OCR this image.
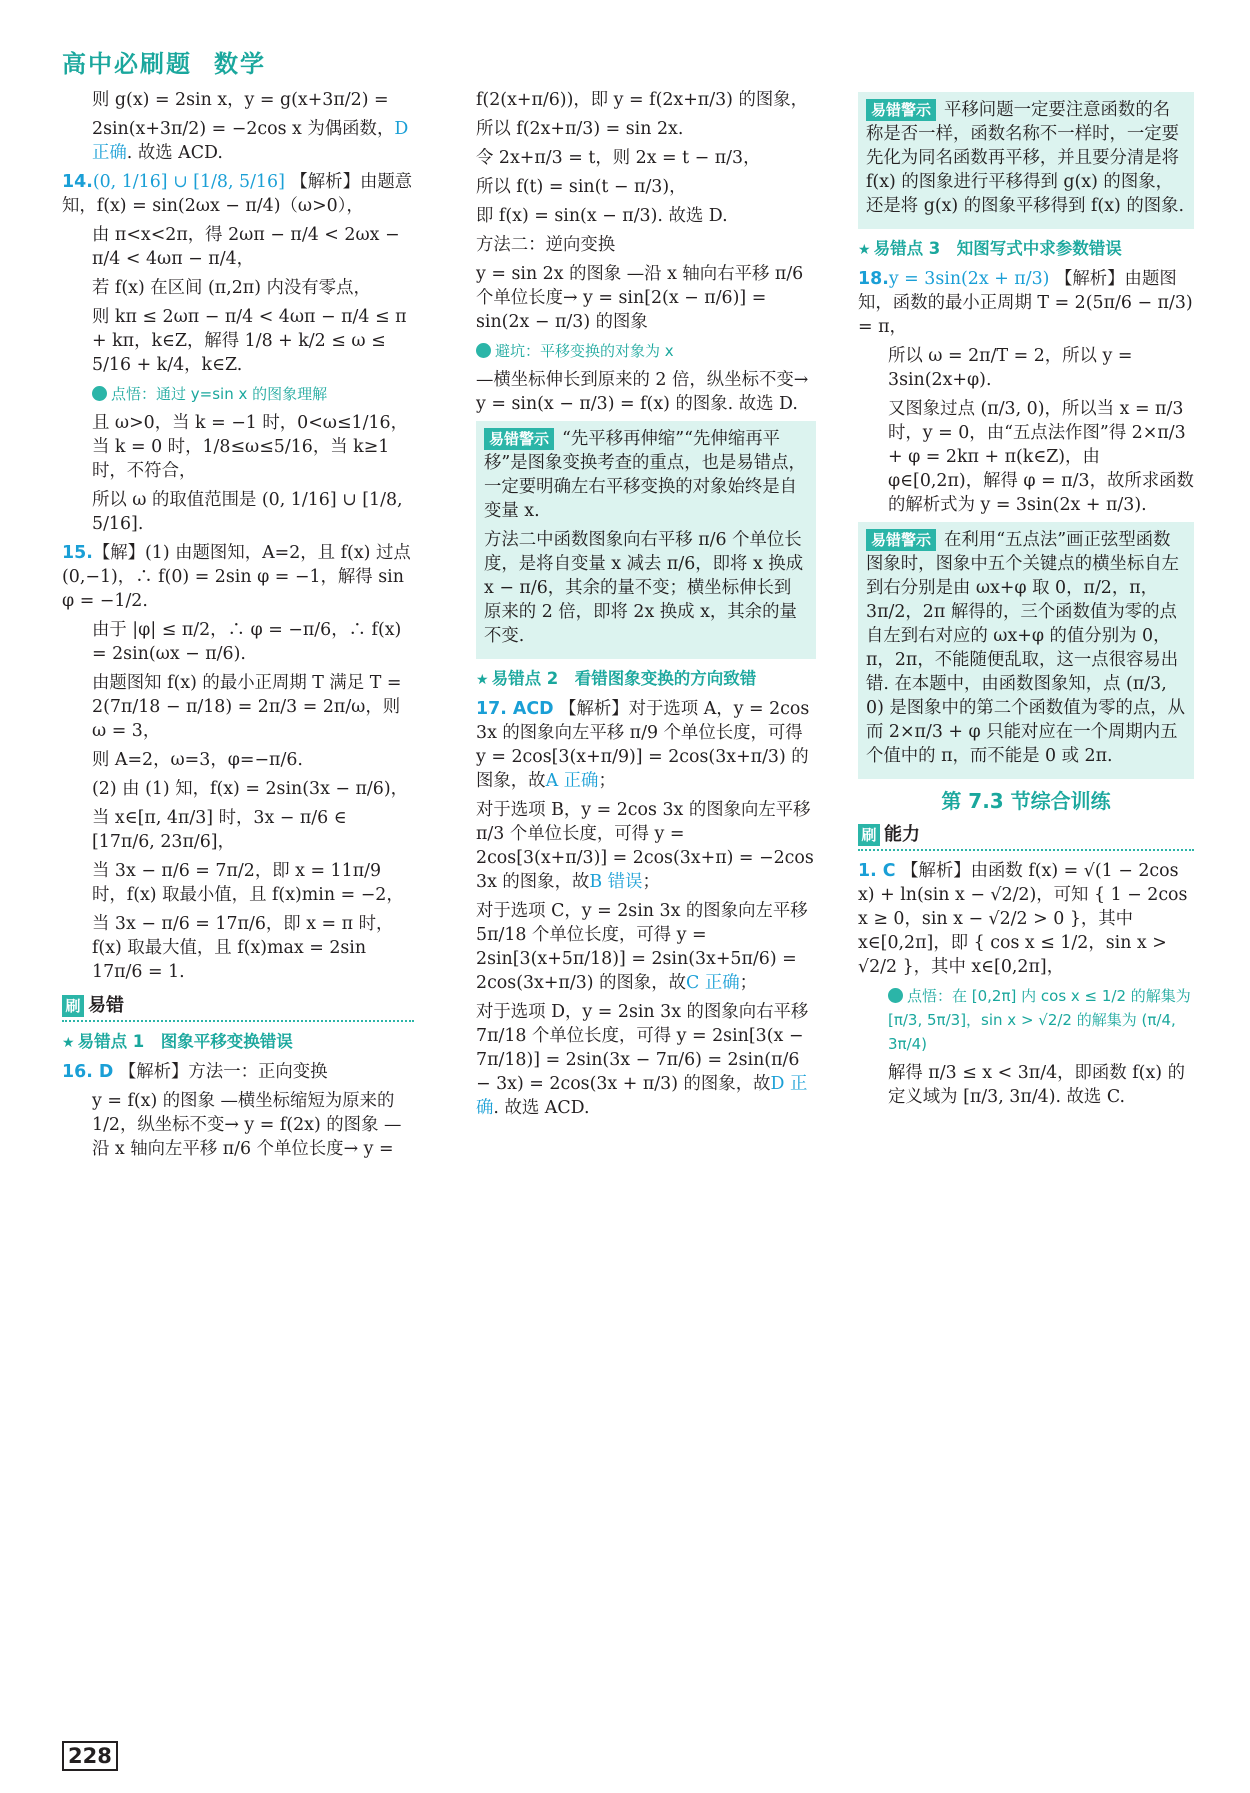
高中必刷题 数学

则 g(x) = 2sin x，y = g(x+3π/2) =

2sin(x+3π/2) = −2cos x 为偶函数，D 正确. 故选 ACD.

14.(0, 1/16] ∪ [1/8, 5/16] 【解析】由题意知，f(x) = sin(2ωx − π/4)（ω>0），

由 π<x<2π，得 2ωπ − π/4 < 2ωx − π/4 < 4ωπ − π/4，

若 f(x) 在区间 (π,2π) 内没有零点，

则 kπ ≤ 2ωπ − π/4 < 4ωπ − π/4 ≤ π + kπ，k∈Z，解得 1/8 + k/2 ≤ ω ≤ 5/16 + k/4，k∈Z.

点悟：通过 y=sin x 的图象理解

且 ω>0，当 k = −1 时，0<ω≤1/16，当 k = 0 时，1/8≤ω≤5/16，当 k≥1 时，不符合，

所以 ω 的取值范围是 (0, 1/16] ∪ [1/8, 5/16].

15.【解】(1) 由题图知，A=2，且 f(x) 过点 (0,−1)，∴ f(0) = 2sin φ = −1，解得 sin φ = −1/2.

由于 |φ| ≤ π/2，∴ φ = −π/6，∴ f(x) = 2sin(ωx − π/6).

由题图知 f(x) 的最小正周期 T 满足 T = 2(7π/18 − π/18) = 2π/3 = 2π/ω，则 ω = 3，

则 A=2，ω=3，φ=−π/6.

(2) 由 (1) 知，f(x) = 2sin(3x − π/6)，

当 x∈[π, 4π/3] 时，3x − π/6 ∈ [17π/6, 23π/6]，

当 3x − π/6 = 7π/2，即 x = 11π/9 时，f(x) 取最小值，且 f(x)min = −2，

当 3x − π/6 = 17π/6，即 x = π 时，f(x) 取最大值，且 f(x)max = 2sin 17π/6 = 1.

刷 易错

★ 易错点 1　图象平移变换错误

16. D 【解析】方法一：正向变换

y = f(x) 的图象 —横坐标缩短为原来的 1/2，纵坐标不变→ y = f(2x) 的图象 —沿 x 轴向左平移 π/6 个单位长度→ y =

f(2(x+π/6))，即 y = f(2x+π/3) 的图象，

所以 f(2x+π/3) = sin 2x.

令 2x+π/3 = t，则 2x = t − π/3，

所以 f(t) = sin(t − π/3)，

即 f(x) = sin(x − π/3). 故选 D.

方法二：逆向变换

y = sin 2x 的图象 —沿 x 轴向右平移 π/6 个单位长度→ y = sin[2(x − π/6)] = sin(2x − π/3) 的图象

避坑：平移变换的对象为 x

—横坐标伸长到原来的 2 倍，纵坐标不变→ y = sin(x − π/3) = f(x) 的图象. 故选 D.

易错警示 “先平移再伸缩”“先伸缩再平移”是图象变换考查的重点，也是易错点，一定要明确左右平移变换的对象始终是自变量 x.

方法二中函数图象向右平移 π/6 个单位长度，是将自变量 x 减去 π/6，即将 x 换成 x − π/6，其余的量不变；横坐标伸长到原来的 2 倍，即将 2x 换成 x，其余的量不变.

★ 易错点 2　看错图象变换的方向致错

17. ACD 【解析】对于选项 A，y = 2cos 3x 的图象向左平移 π/9 个单位长度，可得 y = 2cos[3(x+π/9)] = 2cos(3x+π/3) 的图象，故A 正确；

对于选项 B，y = 2cos 3x 的图象向左平移 π/3 个单位长度，可得 y = 2cos[3(x+π/3)] = 2cos(3x+π) = −2cos 3x 的图象，故B 错误；

对于选项 C，y = 2sin 3x 的图象向左平移 5π/18 个单位长度，可得 y = 2sin[3(x+5π/18)] = 2sin(3x+5π/6) = 2cos(3x+π/3) 的图象，故C 正确；

对于选项 D，y = 2sin 3x 的图象向右平移 7π/18 个单位长度，可得 y = 2sin[3(x − 7π/18)] = 2sin(3x − 7π/6) = 2sin(π/6 − 3x) = 2cos(3x + π/3) 的图象，故D 正确. 故选 ACD.

易错警示 平移问题一定要注意函数的名称是否一样，函数名称不一样时，一定要先化为同名函数再平移，并且要分清是将 f(x) 的图象进行平移得到 g(x) 的图象，还是将 g(x) 的图象平移得到 f(x) 的图象.

★ 易错点 3　知图写式中求参数错误

18.y = 3sin(2x + π/3) 【解析】由题图知，函数的最小正周期 T = 2(5π/6 − π/3) = π，

所以 ω = 2π/T = 2，所以 y = 3sin(2x+φ).

又图象过点 (π/3, 0)，所以当 x = π/3 时，y = 0，由“五点法作图”得 2×π/3 + φ = 2kπ + π(k∈Z)，由 φ∈[0,2π)，解得 φ = π/3，故所求函数的解析式为 y = 3sin(2x + π/3).

易错警示 在利用“五点法”画正弦型函数图象时，图象中五个关键点的横坐标自左到右分别是由 ωx+φ 取 0，π/2，π，3π/2，2π 解得的，三个函数值为零的点自左到右对应的 ωx+φ 的值分别为 0，π，2π，不能随便乱取，这一点很容易出错. 在本题中，由函数图象知，点 (π/3, 0) 是图象中的第二个函数值为零的点，从而 2×π/3 + φ 只能对应在一个周期内五个值中的 π，而不能是 0 或 2π.

第 7.3 节综合训练
刷 能力

1. C 【解析】由函数 f(x) = √(1 − 2cos x) + ln(sin x − √2/2)，可知 { 1 − 2cos x ≥ 0，sin x − √2/2 > 0 }，其中 x∈[0,2π]，即 { cos x ≤ 1/2，sin x > √2/2 }，其中 x∈[0,2π]，

点悟：在 [0,2π] 内 cos x ≤ 1/2 的解集为 [π/3, 5π/3]，sin x > √2/2 的解集为 (π/4, 3π/4)

解得 π/3 ≤ x < 3π/4，即函数 f(x) 的定义域为 [π/3, 3π/4). 故选 C.

228
